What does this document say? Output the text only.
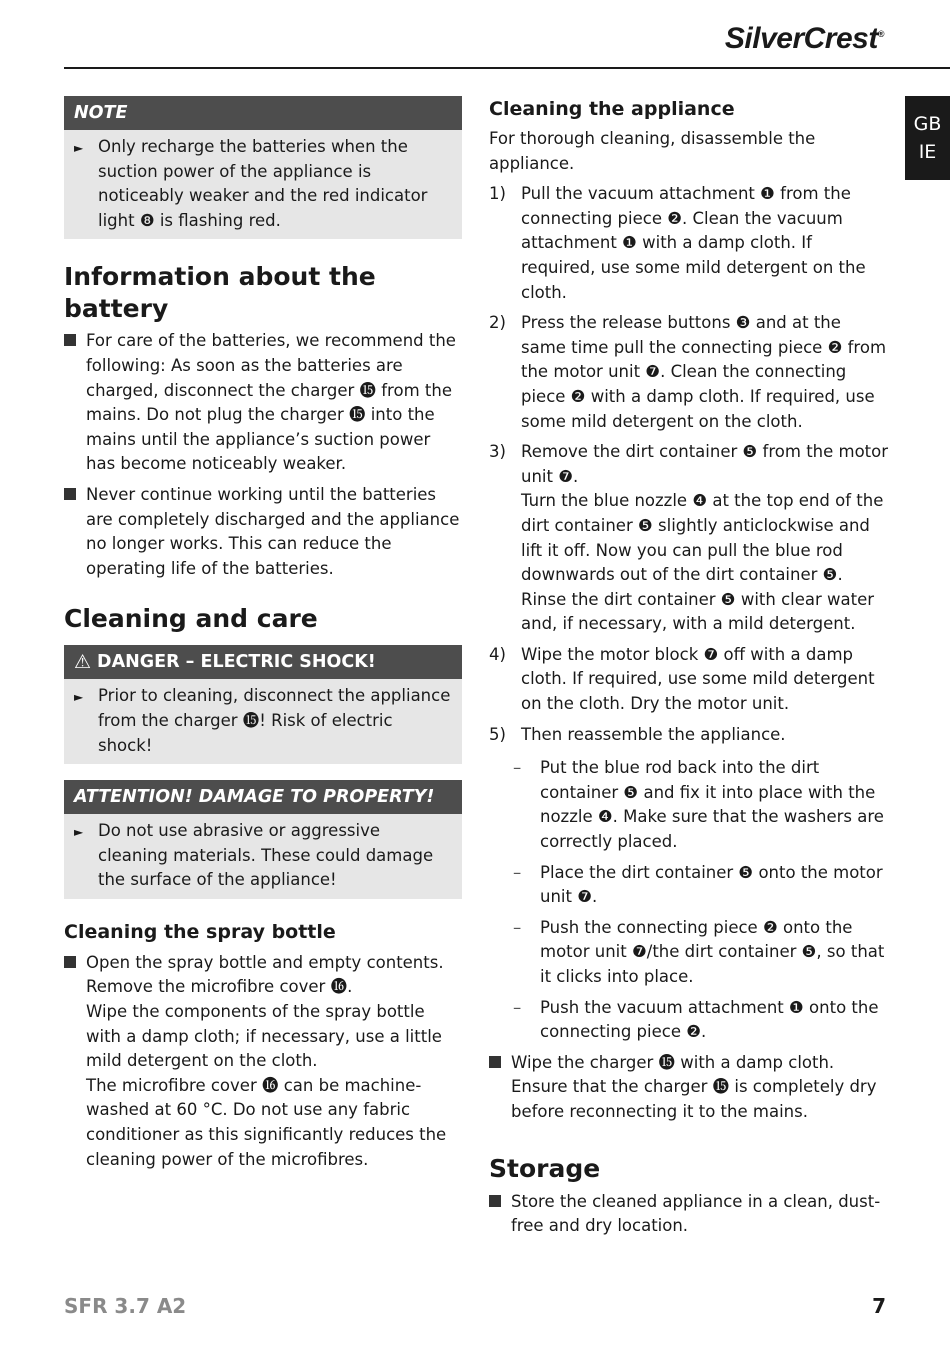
SilverCrest®
GB
IE
NOTE
► Only recharge the batteries when the suction power of the appliance is noticeably weaker and the red indicator light ❽ is flashing red.
Information about the battery
For care of the batteries, we recommend the following: As soon as the batteries are charged, disconnect the charger ⓯ from the mains. Do not plug the charger ⓯ into the mains until the appliance’s suction power has become noticeably weaker.
Never continue working until the batteries are completely discharged and the appliance no longer works. This can reduce the operating life of the batteries.
Cleaning and care
⚠ DANGER – ELECTRIC SHOCK!
► Prior to cleaning, disconnect the appliance from the charger ⓯! Risk of electric shock!
ATTENTION! DAMAGE TO PROPERTY!
► Do not use abrasive or aggressive cleaning materials. These could damage the surface of the appliance!
Cleaning the spray bottle

Open the spray bottle and empty contents.

Remove the microfibre cover ⓰.

Wipe the components of the spray bottle with a damp cloth; if necessary, use a little mild detergent on the cloth.

The microfibre cover ⓰ can be machine-washed at 60 °C. Do not use any fabric conditioner as this significantly reduces the cleaning power of the microfibres.

Cleaning the appliance

For thorough cleaning, disassemble the appliance.

1) Pull the vacuum attachment ❶ from the connecting piece ❷. Clean the vacuum attachment ❶ with a damp cloth. If required, use some mild detergent on the cloth.
2) Press the release buttons ❸ and at the same time pull the connecting piece ❷ from the motor unit ❼. Clean the connecting piece ❷ with a damp cloth. If required, use some mild detergent on the cloth.
3) Remove the dirt container ❺ from the motor unit ❼.

Turn the blue nozzle ❹ at the top end of the dirt container ❺ slightly anticlockwise and lift it off. Now you can pull the blue rod downwards out of the dirt container ❺. Rinse the dirt container ❺ with clear water and, if necessary, with a mild detergent.

4) Wipe the motor block ❼ off with a damp cloth. If required, use some mild detergent on the cloth. Dry the motor unit.
5) Then reassemble the appliance.
–	Put the blue rod back into the dirt container ❺ and fix it into place with the nozzle ❹. Make sure that the washers are correctly placed.
–	Place the dirt container ❺ onto the motor unit ❼.
–	Push the connecting piece ❷ onto the motor unit ❼/the dirt container ❺, so that it clicks into place.
–	Push the vacuum attachment ❶ onto the connecting piece ❷.
Wipe the charger ⓯ with a damp cloth. Ensure that the charger ⓯ is completely dry before reconnecting it to the mains.
Storage
Store the cleaned appliance in a clean, dust-free and dry location.
SFR 3.7 A2	7
